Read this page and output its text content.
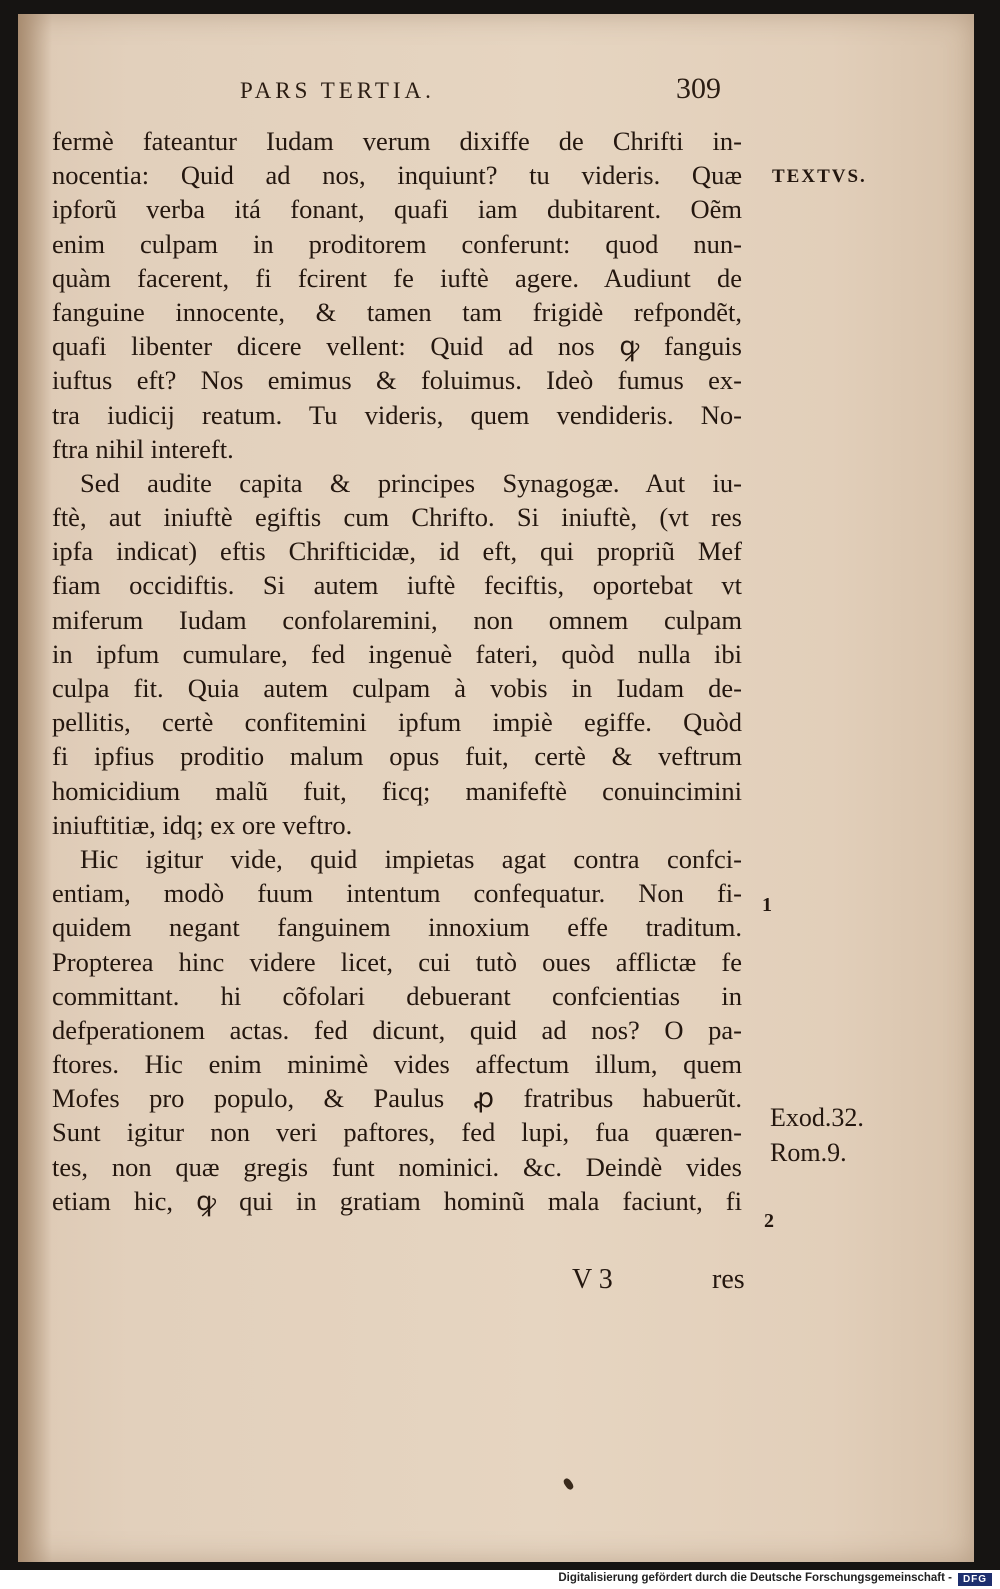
PARS TERTIA.	309
fermè fateantur Iudam verum dixiffe de Chrifti in-
nocentia: Quid ad nos, inquiunt? tu videris. Quæ
ipforũ verba itá fonant, quafi iam dubitarent. Oẽm
enim culpam in proditorem conferunt: quod nun-
quàm facerent, fi fcirent fe iuftè agere. Audiunt de
fanguine innocente, & tamen tam frigidè refpondẽt,
quafi libenter dicere vellent: Quid ad nos ꝙ fanguis
iuftus eft? Nos emimus & foluimus. Ideò fumus ex-
tra iudicij reatum. Tu videris, quem vendideris. No-
ftra nihil intereft.
Sed audite capita & principes Synagogæ. Aut iu-
ftè, aut iniuftè egiftis cum Chrifto. Si iniuftè, (vt res
ipfa indicat) eftis Chrifticidæ, id eft, qui propriũ Mef
fiam occidiftis. Si autem iuftè feciftis, oportebat vt
miferum Iudam confolaremini, non omnem culpam
in ipfum cumulare, fed ingenuè fateri, quòd nulla ibi
culpa fit. Quia autem culpam à vobis in Iudam de-
pellitis, certè confitemini ipfum impiè egiffe. Quòd
fi ipfius proditio malum opus fuit, certè & veftrum
homicidium malũ fuit, ficq; manifeftè conuincimini
iniuftitiæ, idq; ex ore veftro.
Hic igitur vide, quid impietas agat contra confci-
entiam, modò fuum intentum confequatur. Non fi-
quidem negant fanguinem innoxium effe traditum.
Propterea hinc videre licet, cui tutò oues afflictæ fe
committant. hi cõfolari debuerant confcientias in
defperationem actas. fed dicunt, quid ad nos? O pa-
ftores. Hic enim minimè vides affectum illum, quem
Mofes pro populo, & Paulus ꝓ fratribus habuerũt.
Sunt igitur non veri paftores, fed lupi, fua quæren-
tes, non quæ gregis funt nominici. &c. Deindè vides
etiam hic, ꝙ qui in gratiam hominũ mala faciunt, fi
TEXTVS.
1
Exod.32.
Rom.9.
2
V 3	res
Digitalisierung gefördert durch die Deutsche Forschungsgemeinschaft -	DFG
